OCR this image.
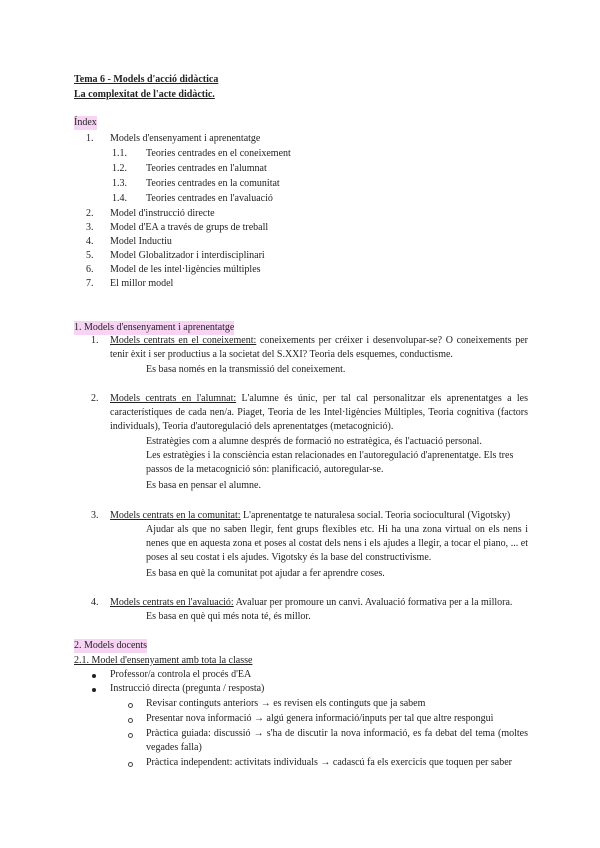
Tema 6 - Models d'acció didàctica
La complexitat de l'acte didàctic.
Índex
1. Models d'ensenyament i aprenentatge
1.1. Teories centrades en el coneixement
1.2. Teories centrades en l'alumnat
1.3. Teories centrades en la comunitat
1.4. Teories centrades en l'avaluació
2. Model d'instrucció directe
3. Model d'EA a través de grups de treball
4. Model Inductiu
5. Model Globalitzador i interdisciplinari
6. Model de les intel·ligències múltiples
7. El millor model
1. Models d'ensenyament i aprenentatge
1. Models centrats en el coneixement: coneixements per créixer i desenvolupar-se? O coneixements per tenir èxit i ser productius a la societat del S.XXI? Teoria dels esquemes, conductisme.
Es basa només en la transmissió del coneixement.
2. Models centrats en l'alumnat: L'alumne és únic, per tal cal personalitzar els aprenentatges a les característiques de cada nen/a. Piaget, Teoria de les Intel·ligències Múltiples, Teoria cognitiva (factors individuals), Teoria d'autoregulació dels aprenentatges (metacognició).
Estratègies com a alumne després de formació no estratègica, és l'actuació personal.
Les estratègies i la consciència estan relacionades en l'autoregulació d'aprenentatge. Els tres passos de la metacognició són: planificació, autoregular-se.
Es basa en pensar el alumne.
3. Models centrats en la comunitat: L'aprenentatge te naturalesa social. Teoria sociocultural (Vigotsky)
Ajudar als que no saben llegir, fent grups flexibles etc. Hi ha una zona virtual on els nens i nenes que en aquesta zona et poses al costat dels nens i els ajudes a llegir, a tocar el piano, ... et poses al seu costat i els ajudes. Vigotsky és la base del constructivisme.
Es basa en què la comunitat pot ajudar a fer aprendre coses.
4. Models centrats en l'avaluació: Avaluar per promoure un canvi. Avaluació formativa per a la millora.
Es basa en què qui més nota té, és millor.
2. Models docents
2.1. Model d'ensenyament amb tota la classe
Professor/a controla el procés d'EA
Instrucció directa (pregunta / resposta)
Revisar continguts anteriors → es revisen els continguts que ja sabem
Presentar nova informació → algú genera informació/inputs per tal que altre respongui
Pràctica guiada: discussió → s'ha de discutir la nova informació, es fa debat del tema (moltes vegades falla)
Pràctica independent: activitats individuals → cadascú fa els exercicis que toquen per saber
